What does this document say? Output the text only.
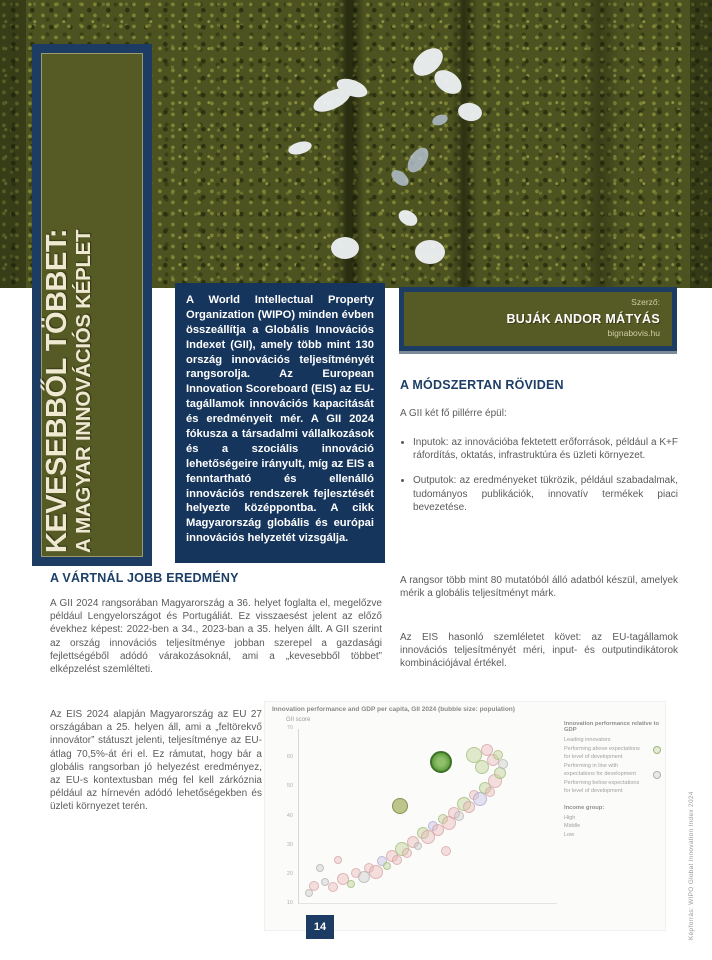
KEVESEBBŐL TÖBBET: A MAGYAR INNOVÁCIÓS KÉPLET	A World Intellectual Property Organization (WIPO) minden évben összeállítja a Globális Innovációs Indexet (GII), amely több mint 130 ország innovációs teljesítményét rangsorolja. Az European Innovation Scoreboard (EIS) az EU-tagállamok innovációs kapacitását és eredményeit mér. A GII 2024 fókusza a társadalmi vállalkozások és a szociális innováció lehetőségeire irányult, míg az EIS a fenntartható és ellenálló innovációs rendszerek fejlesztését helyezte középpontba. A cikk Magyarország globális és európai innovációs helyzetét vizsgálja.

Szerző:
BUJÁK ANDOR MÁTYÁS
bignabovis.hu
A MÓDSZERTAN RÖVIDEN
A GII két fő pillérre épül:
• Inputok: az innovációba fektetett erőforrások, például a K+F ráfordítás, oktatás, infrastruktúra és üzleti környezet.
• Outputok: az eredményeket tükrözik, például szabadalmak, tudományos publikációk, innovatív termékek piaci bevezetése.
A rangsor több mint 80 mutatóból álló adatból készül, amelyek mérik a globális teljesítményt márk.
Az EIS hasonló szemléletet követ: az EU-tagállamok innovációs teljesítményét méri, input- és outputindikátorok kombinációjával értékel.
A VÁRTNÁL JOBB EREDMÉNY
A GII 2024 rangsorában Magyarország a 36. helyet foglalta el, megelőzve például Lengyelországot és Portugáliát. Ez visszaesést jelent az előző évekhez képest: 2022-ben a 34., 2023-ban a 35. helyen állt. A GII szerint az ország innovációs teljesítménye jobban szerepel a gazdasági fejlettségéből adódó várakozásoknál, ami a „kevesebből többet” elképzelést szemlélteti.
Az EIS 2024 alapján Magyarország az EU 27 országában a 25. helyen áll, ami a „feltörekvő innovátor” státuszt jelenti, teljesítménye az EU-átlag 70,5%-át éri el. Ez rámutat, hogy bár a globális rangsorban jó helyezést eredményez, az EU-s kontextusban még fel kell zárkóznia például az hírnevén adódó lehetőségekben és üzleti környezet terén.
Innovation performance and GDP per capita, GII 2024 (bubble size: population)
GII score
70
60
50
40
30
20
10
Innovation performance relative to GDP
Leading innovators
Performing above expectations
for level of development
Performing in line with
expectations for development
Performing below expectations
for level of development
Income group:
High
Middle
Low
14	Képforrás: WIPO Global Innovation Index 2024
